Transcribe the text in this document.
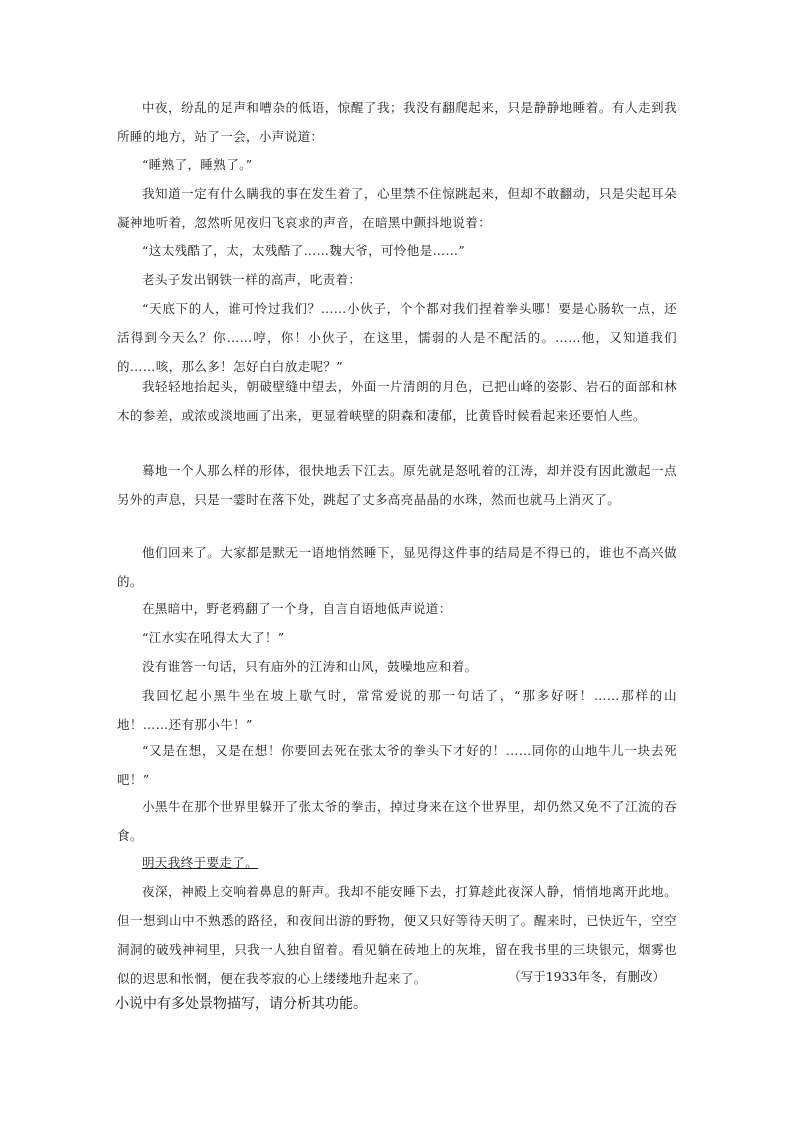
中夜，纷乱的足声和嘈杂的低语，惊醒了我；我没有翻爬起来，只是静静地睡着。有人走到我所睡的地方，站了一会，小声说道：

“睡熟了，睡熟了。”

我知道一定有什么瞒我的事在发生着了，心里禁不住惊跳起来，但却不敢翻动，只是尖起耳朵凝神地听着，忽然听见夜归飞哀求的声音，在暗黑中颤抖地说着：

“这太残酷了，太，太残酷了……魏大爷，可怜他是……”

老头子发出钢铁一样的高声，叱责着：

“天底下的人，谁可怜过我们？……小伙子，个个都对我们捏着拳头哪！要是心肠软一点，还活得到今天么？你……哼，你！小伙子，在这里，懦弱的人是不配活的。……他，又知道我们的……咳，那么多！怎好白白放走呢？”

我轻轻地抬起头，朝破壁缝中望去，外面一片清朗的月色，已把山峰的姿影、岩石的面部和林木的参差，或浓或淡地画了出来，更显着峡壁的阴森和凄郁，比黄昏时候看起来还要怕人些。

蓦地一个人那么样的形体，很快地丢下江去。原先就是怒吼着的江涛，却并没有因此激起一点另外的声息，只是一霎时在落下处，跳起了丈多高亮晶晶的水珠，然而也就马上消灭了。

他们回来了。大家都是默无一语地悄然睡下，显见得这件事的结局是不得已的，谁也不高兴做的。

在黑暗中，野老鸦翻了一个身，自言自语地低声说道：

“江水实在吼得太大了！”

没有谁答一句话，只有庙外的江涛和山风，鼓噪地应和着。

我回忆起小黑牛坐在坡上歇气时，常常爱说的那一句话了，“那多好呀！……那样的山地！……还有那小牛！”

“又是在想，又是在想！你要回去死在张太爷的拳头下才好的！……同你的山地牛儿一块去死吧！”

小黑牛在那个世界里躲开了张太爷的拳击，掉过身来在这个世界里，却仍然又免不了江流的吞食。

明天我终于要走了。

夜深，神殿上交响着鼻息的鼾声。我却不能安睡下去，打算趁此夜深人静，悄悄地离开此地。但一想到山中不熟悉的路径，和夜间出游的野物，便又只好等待天明了。醒来时，已快近午，空空洞洞的破残神祠里，只我一人独自留着。看见躺在砖地上的灰堆，留在我书里的三块银元，烟雾也似的迟思和怅惘，便在我苓寂的心上缕缕地升起来了。	（写于1933年冬，有删改）

小说中有多处景物描写，请分析其功能。
